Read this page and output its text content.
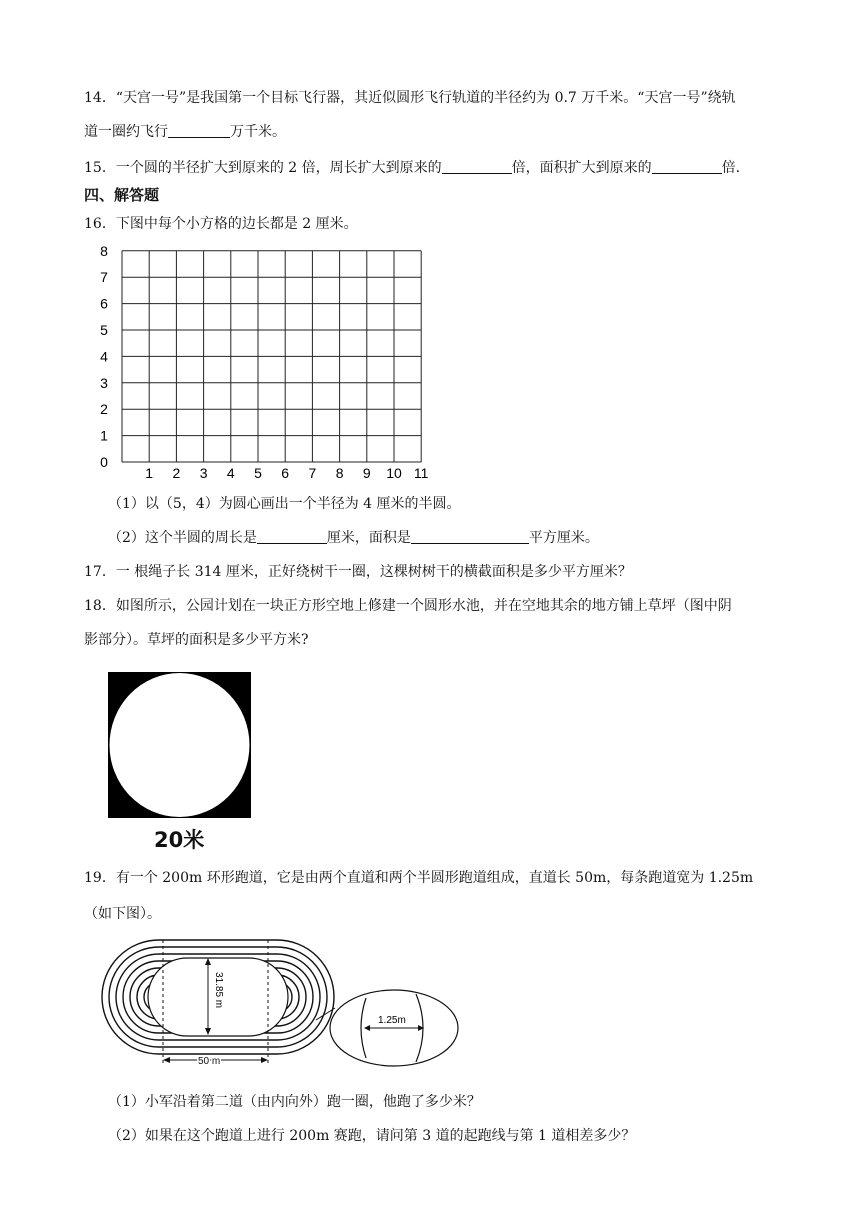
14．“天宫一号”是我国第一个目标飞行器，其近似圆形飞行轨道的半径约为 0.7 万千米。“天宫一号”绕轨
道一圈约飞行	万千米。
15．一个圆的半径扩大到原来的 2 倍，周长扩大到原来的	倍，面积扩大到原来的	倍.
四、解答题
16．下图中每个小方格的边长都是 2 厘米。
0
1
2
3
4
5
6
7
8
1 2 3 4 5 6 7 8 9 10 11
（1）以（5，4）为圆心画出一个半径为 4 厘米的半圆。
（2）这个半圆的周长是	厘米，面积是	平方厘米。
17．一 根绳子长 314 厘米，正好绕树干一圈，这棵树树干的横截面积是多少平方厘米？
18．如图所示，公园计划在一块正方形空地上修建一个圆形水池，并在空地其余的地方铺上草坪（图中阴
影部分）。草坪的面积是多少平方米?
20米
19．有一个 200m 环形跑道，它是由两个直道和两个半圆形跑道组成，直道长 50m，每条跑道宽为 1.25m
（如下图）。
31.85 m
50 m
1.25m
（1）小军沿着第二道（由内向外）跑一圈，他跑了多少米？
（2）如果在这个跑道上进行 200m 赛跑，请问第 3 道的起跑线与第 1 道相差多少？
